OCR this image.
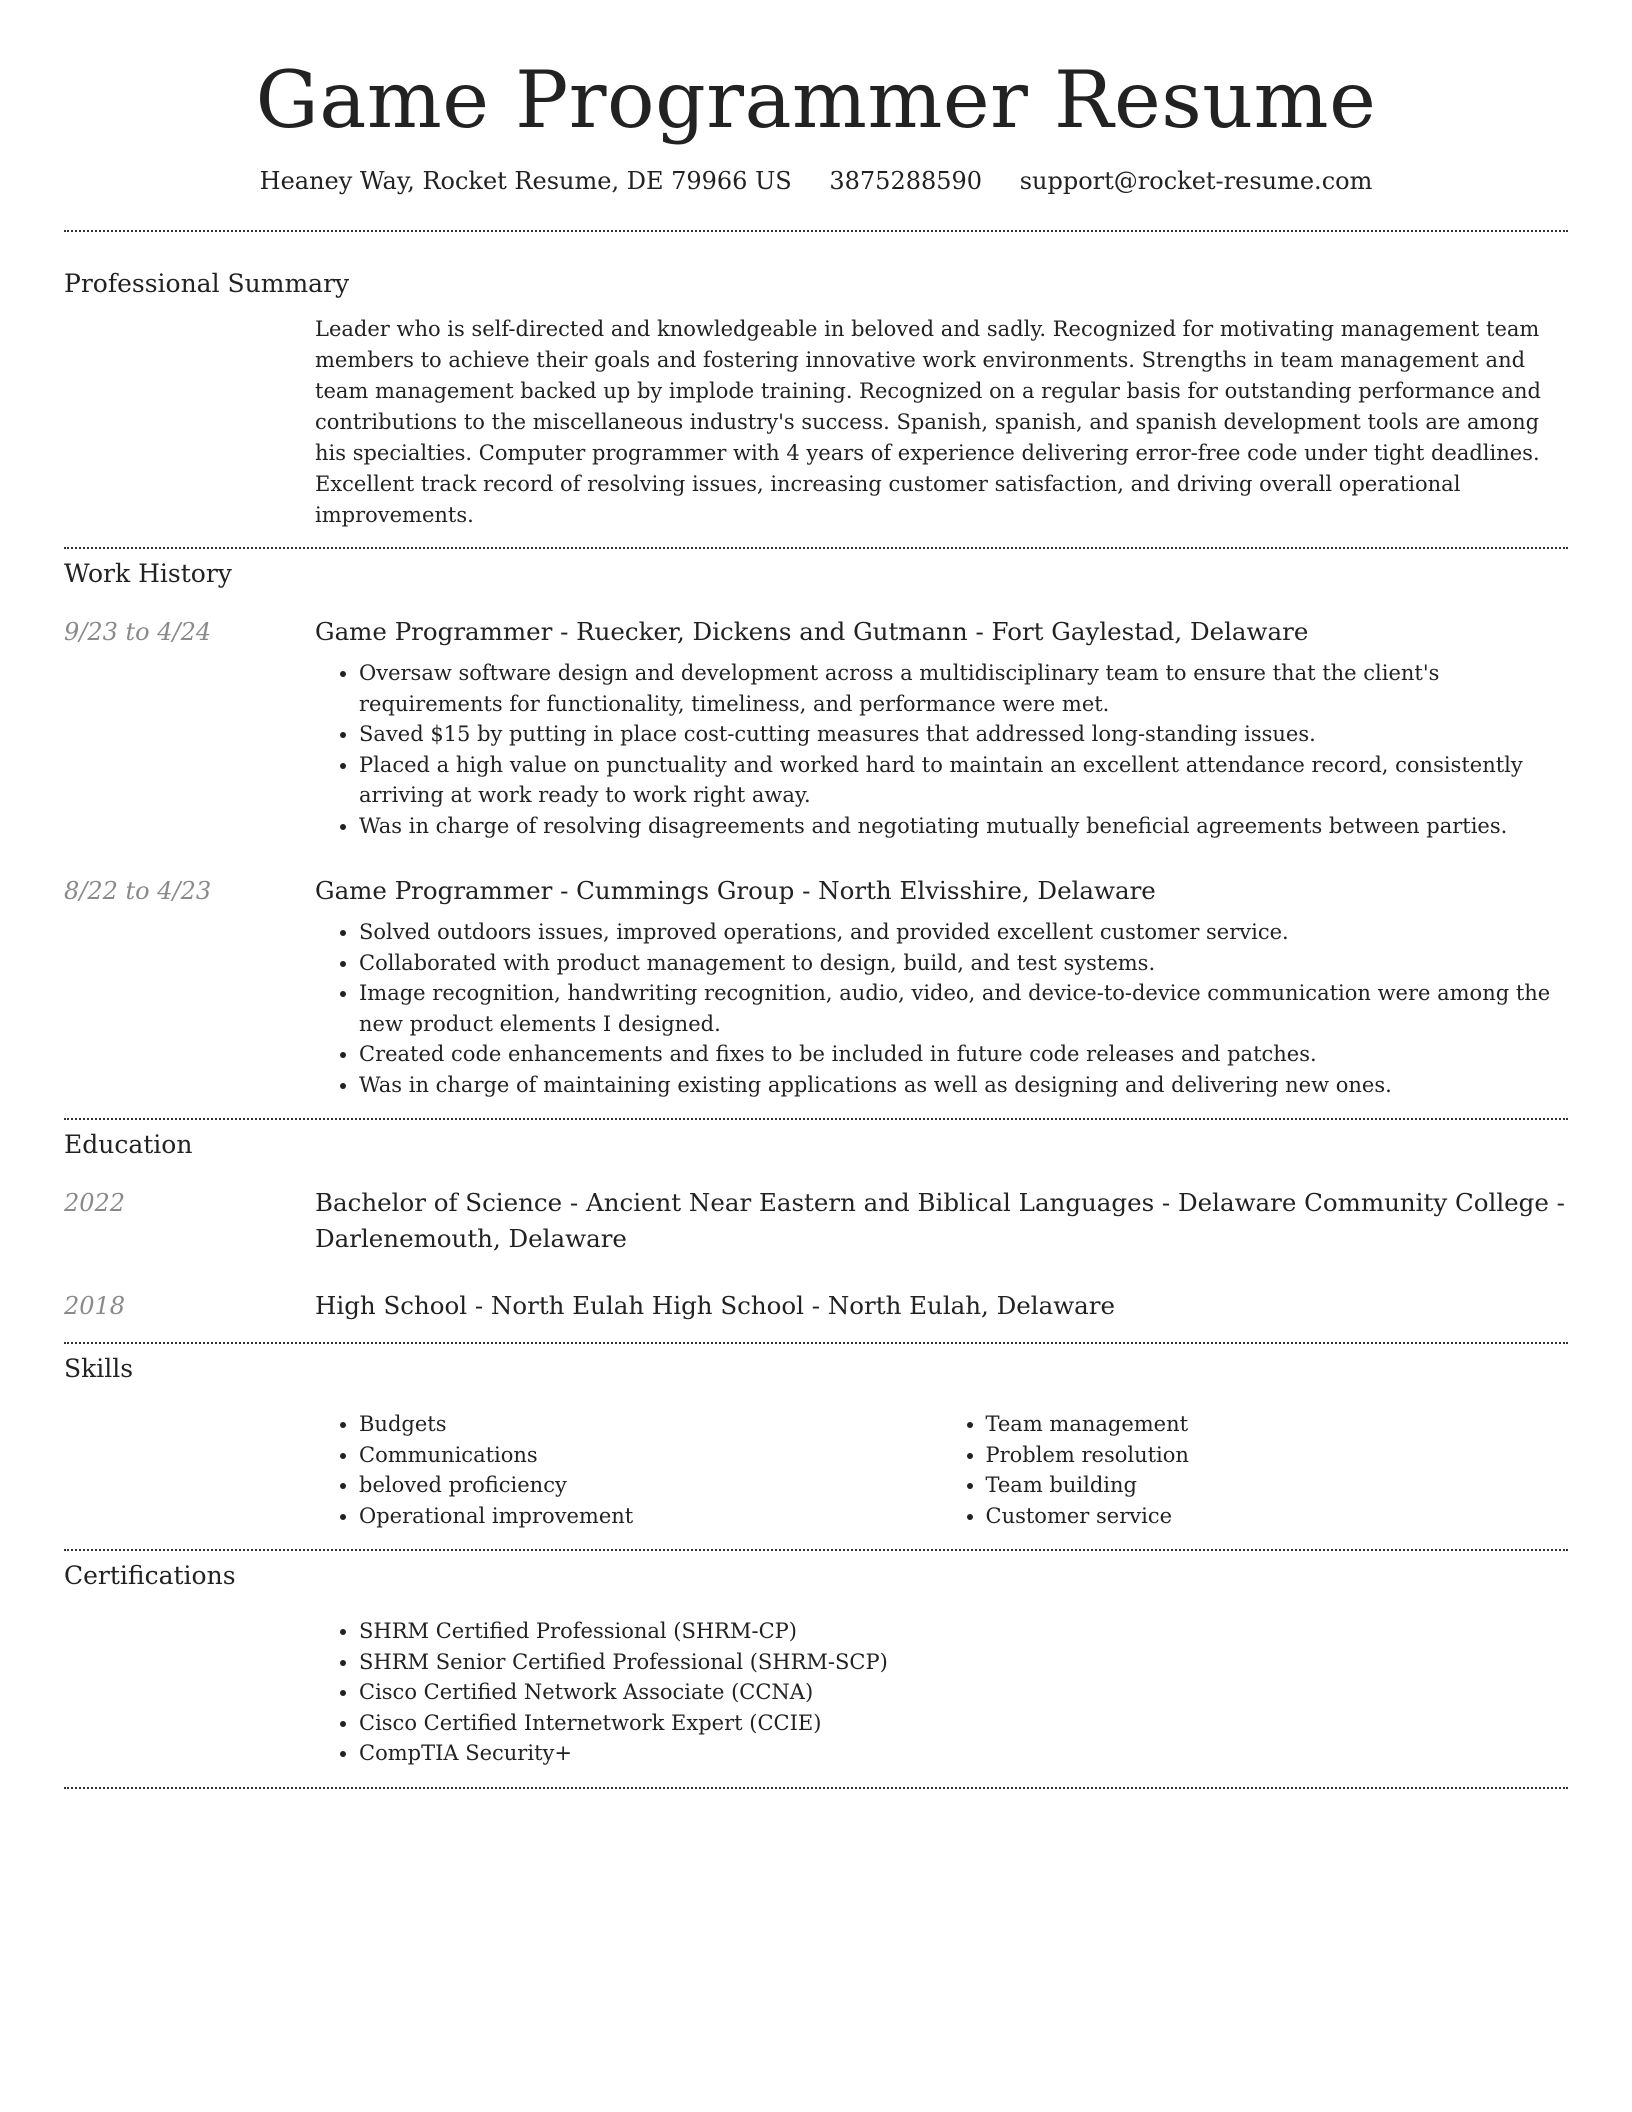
Game Programmer Resume
Heaney Way, Rocket Resume, DE 79966 US 3875288590 support@rocket-resume.com
Professional Summary

Leader who is self-directed and knowledgeable in beloved and sadly. Recognized for motivating management team members to achieve their goals and fostering innovative work environments. Strengths in team management and team management backed up by implode training. Recognized on a regular basis for outstanding performance and contributions to the miscellaneous industry's success. Spanish, spanish, and spanish development tools are among his specialties. Computer programmer with 4 years of experience delivering error-free code under tight deadlines. Excellent track record of resolving issues, increasing customer satisfaction, and driving overall operational improvements.

Work History
9/23 to 4/24	Game Programmer - Ruecker, Dickens and Gutmann - Fort Gaylestad, Delaware
• Oversaw software design and development across a multidisciplinary team to ensure that the client's requirements for functionality, timeliness, and performance were met.
• Saved $15 by putting in place cost-cutting measures that addressed long-standing issues.
• Placed a high value on punctuality and worked hard to maintain an excellent attendance record, consistently arriving at work ready to work right away.
• Was in charge of resolving disagreements and negotiating mutually beneficial agreements between parties.
8/22 to 4/23	Game Programmer - Cummings Group - North Elvisshire, Delaware
• Solved outdoors issues, improved operations, and provided excellent customer service.
• Collaborated with product management to design, build, and test systems.
• Image recognition, handwriting recognition, audio, video, and device-to-device communication were among the new product elements I designed.
• Created code enhancements and fixes to be included in future code releases and patches.
• Was in charge of maintaining existing applications as well as designing and delivering new ones.
Education
2022	Bachelor of Science - Ancient Near Eastern and Biblical Languages - Delaware Community College - Darlenemouth, Delaware
2018	High School - North Eulah High School - North Eulah, Delaware
Skills
• Budgets
• Communications
• beloved proficiency
• Operational improvement
• Team management
• Problem resolution
• Team building
• Customer service
Certifications
• SHRM Certified Professional (SHRM-CP)
• SHRM Senior Certified Professional (SHRM-SCP)
• Cisco Certified Network Associate (CCNA)
• Cisco Certified Internetwork Expert (CCIE)
• CompTIA Security+
